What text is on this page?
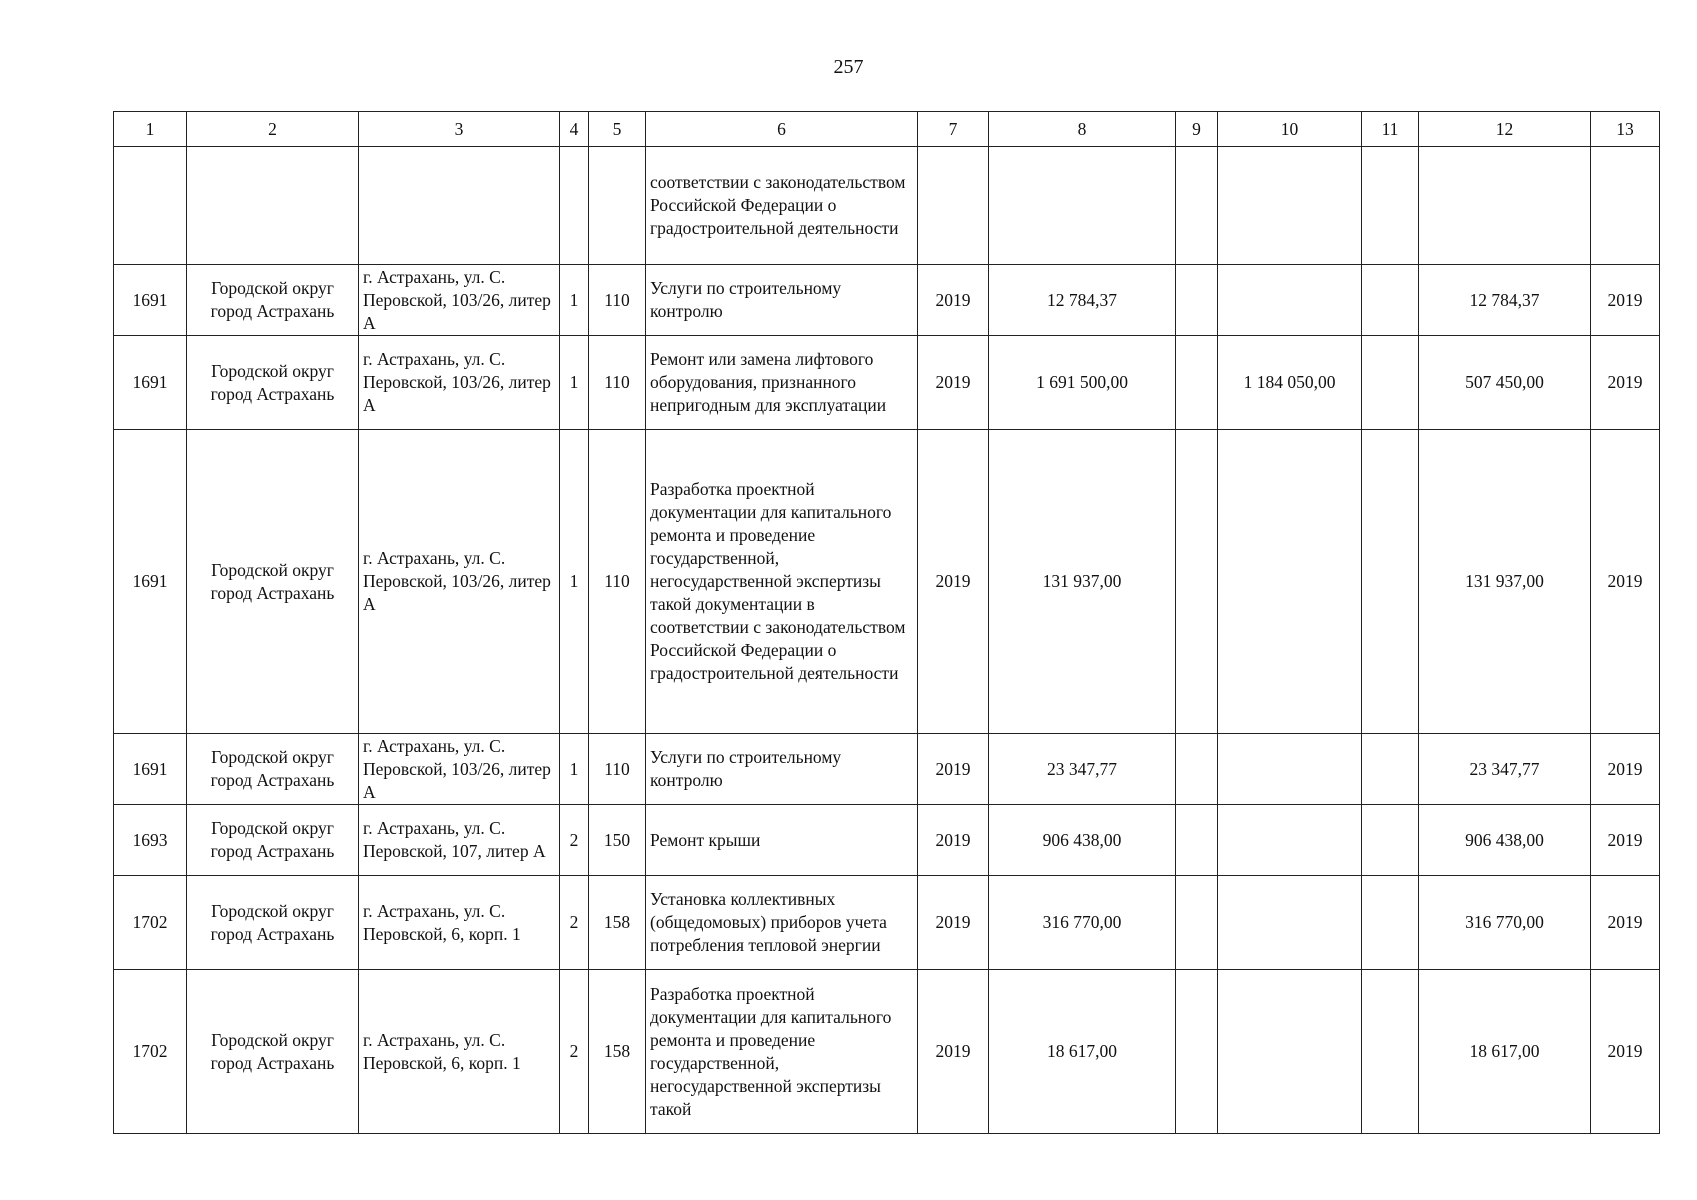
257
1	2	3	4	5	6	7	8	9	10	11	12	13
					соответствии с законодательством Российской Федерации о градостроительной деятельности							
1691	Городской округ город Астрахань	г. Астрахань, ул. С. Перовской, 103/26, литер А	1	110	Услуги по строительному контролю	2019	12 784,37				12 784,37	2019
1691	Городской округ город Астрахань	г. Астрахань, ул. С. Перовской, 103/26, литер А	1	110	Ремонт или замена лифтового оборудования, признанного непригодным для эксплуатации	2019	1 691 500,00		1 184 050,00		507 450,00	2019
1691	Городской округ город Астрахань	г. Астрахань, ул. С. Перовской, 103/26, литер А	1	110	Разработка проектной документации для капитального ремонта и проведение государственной, негосударственной экспертизы такой документации в соответствии с законодательством Российской Федерации о градостроительной деятельности	2019	131 937,00				131 937,00	2019
1691	Городской округ город Астрахань	г. Астрахань, ул. С. Перовской, 103/26, литер А	1	110	Услуги по строительному контролю	2019	23 347,77				23 347,77	2019
1693	Городской округ город Астрахань	г. Астрахань, ул. С. Перовской, 107, литер А	2	150	Ремонт крыши	2019	906 438,00				906 438,00	2019
1702	Городской округ город Астрахань	г. Астрахань, ул. С. Перовской, 6, корп. 1	2	158	Установка коллективных (общедомовых) приборов учета потребления тепловой энергии	2019	316 770,00				316 770,00	2019
1702	Городской округ город Астрахань	г. Астрахань, ул. С. Перовской, 6, корп. 1	2	158	Разработка проектной документации для капитального ремонта и проведение государственной, негосударственной экспертизы такой	2019	18 617,00				18 617,00	2019
